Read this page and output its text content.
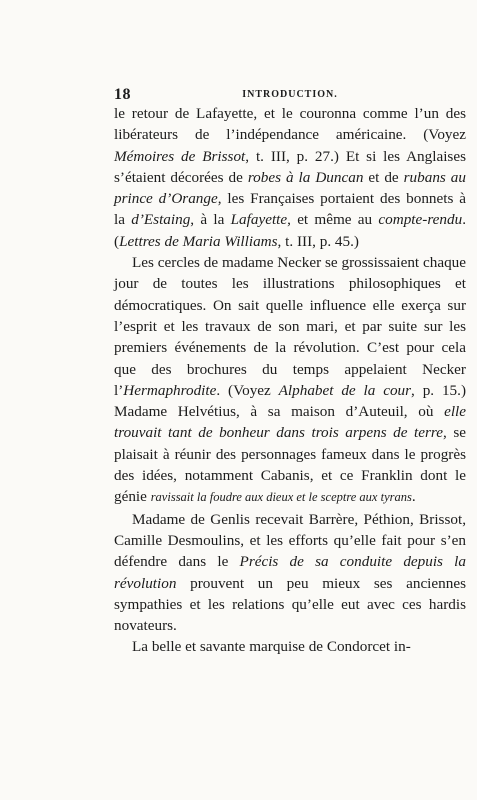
18	INTRODUCTION.

le retour de Lafayette, et le couronna comme l’un des libérateurs de l’indépendance américaine. (Voyez Mémoires de Brissot, t. III, p. 27.) Et si les Anglaises s’étaient décorées de robes à la Duncan et de rubans au prince d’Orange, les Françaises portaient des bonnets à la d’Estaing, à la Lafayette, et même au compte-rendu. (Lettres de Maria Williams, t. III, p. 45.)

Les cercles de madame Necker se grossissaient chaque jour de toutes les illustrations philosophiques et démocratiques. On sait quelle influence elle exerça sur l’esprit et les travaux de son mari, et par suite sur les premiers événements de la révolution. C’est pour cela que des brochures du temps appelaient Necker l’Hermaphrodite. (Voyez Alphabet de la cour, p. 15.) Madame Helvétius, à sa maison d’Auteuil, où elle trouvait tant de bonheur dans trois arpens de terre, se plaisait à réunir des personnages fameux dans le progrès des idées, notamment Cabanis, et ce Franklin dont le génie ravissait la foudre aux dieux et le sceptre aux tyrans.

Madame de Genlis recevait Barrère, Péthion, Brissot, Camille Desmoulins, et les efforts qu’elle fait pour s’en défendre dans le Précis de sa conduite depuis la révolution prouvent un peu mieux ses anciennes sympathies et les relations qu’elle eut avec ces hardis novateurs.

La belle et savante marquise de Condorcet in-
